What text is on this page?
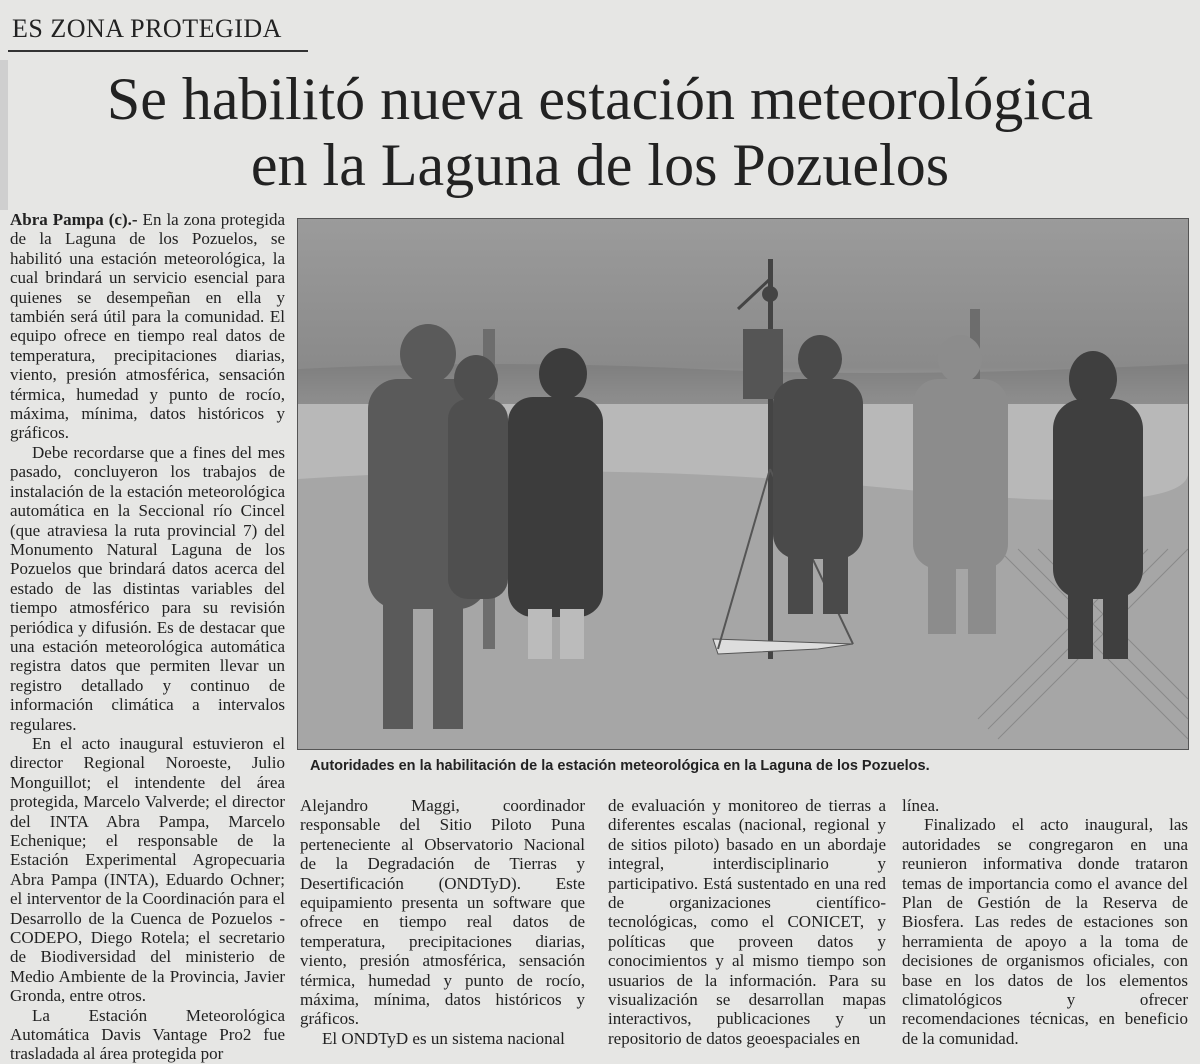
ES ZONA PROTEGIDA
Se habilitó nueva estación meteorológica
en la Laguna de los Pozuelos

Abra Pampa (c).- En la zona protegida de la Laguna de los Pozuelos, se habilitó una estación meteorológica, la cual brindará un servicio esencial para quienes se desempeñan en ella y también será útil para la comunidad. El equipo ofrece en tiempo real datos de temperatura, precipitaciones diarias, viento, presión atmosférica, sensación térmica, humedad y punto de rocío, máxima, mínima, datos históricos y gráficos.

Debe recordarse que a fines del mes pasado, concluyeron los trabajos de instalación de la estación meteorológica automática en la Seccional río Cincel (que atraviesa la ruta provincial 7) del Monumento Natural Laguna de los Pozuelos que brindará datos acerca del estado de las distintas variables del tiempo atmosférico para su revisión periódica y difusión. Es de destacar que una estación meteorológica automática registra datos que permiten llevar un registro detallado y continuo de información climática a intervalos regulares.

En el acto inaugural estuvieron el director Regional Noroeste, Julio Monguillot; el intendente del área protegida, Marcelo Valverde; el director del INTA Abra Pampa, Marcelo Echenique; el responsable de la Estación Experimental Agropecuaria Abra Pampa (INTA), Eduardo Ochner; el interventor de la Coordinación para el Desarrollo de la Cuenca de Pozuelos - CODEPO, Diego Rotela; el secretario de Biodiversidad del ministerio de Medio Ambiente de la Provincia, Javier Gronda, entre otros.

La Estación Meteorológica Automática Davis Vantage Pro2 fue trasladada al área protegida por

Autoridades en la habilitación de la estación meteorológica en la Laguna de los Pozuelos.

Alejandro Maggi, coordinador responsable del Sitio Piloto Puna perteneciente al Observatorio Nacional de la Degradación de Tierras y Desertificación (ONDTyD). Este equipamiento presenta un software que ofrece en tiempo real datos de temperatura, precipitaciones diarias, viento, presión atmosférica, sensación térmica, humedad y punto de rocío, máxima, mínima, datos históricos y gráficos.

El ONDTyD es un sistema nacional

de evaluación y monitoreo de tierras a diferentes escalas (nacional, regional y de sitios piloto) basado en un abordaje integral, interdisciplinario y participativo. Está sustentado en una red de organizaciones científico-tecnológicas, como el CONICET, y políticas que proveen datos y conocimientos y al mismo tiempo son usuarios de la información. Para su visualización se desarrollan mapas interactivos, publicaciones y un repositorio de datos geoespaciales en

línea.

Finalizado el acto inaugural, las autoridades se congregaron en una reunieron informativa donde trataron temas de importancia como el avance del Plan de Gestión de la Reserva de Biosfera. Las redes de estaciones son herramienta de apoyo a la toma de decisiones de organismos oficiales, con base en los datos de los elementos climatológicos y ofrecer recomendaciones técnicas, en beneficio de la comunidad.
